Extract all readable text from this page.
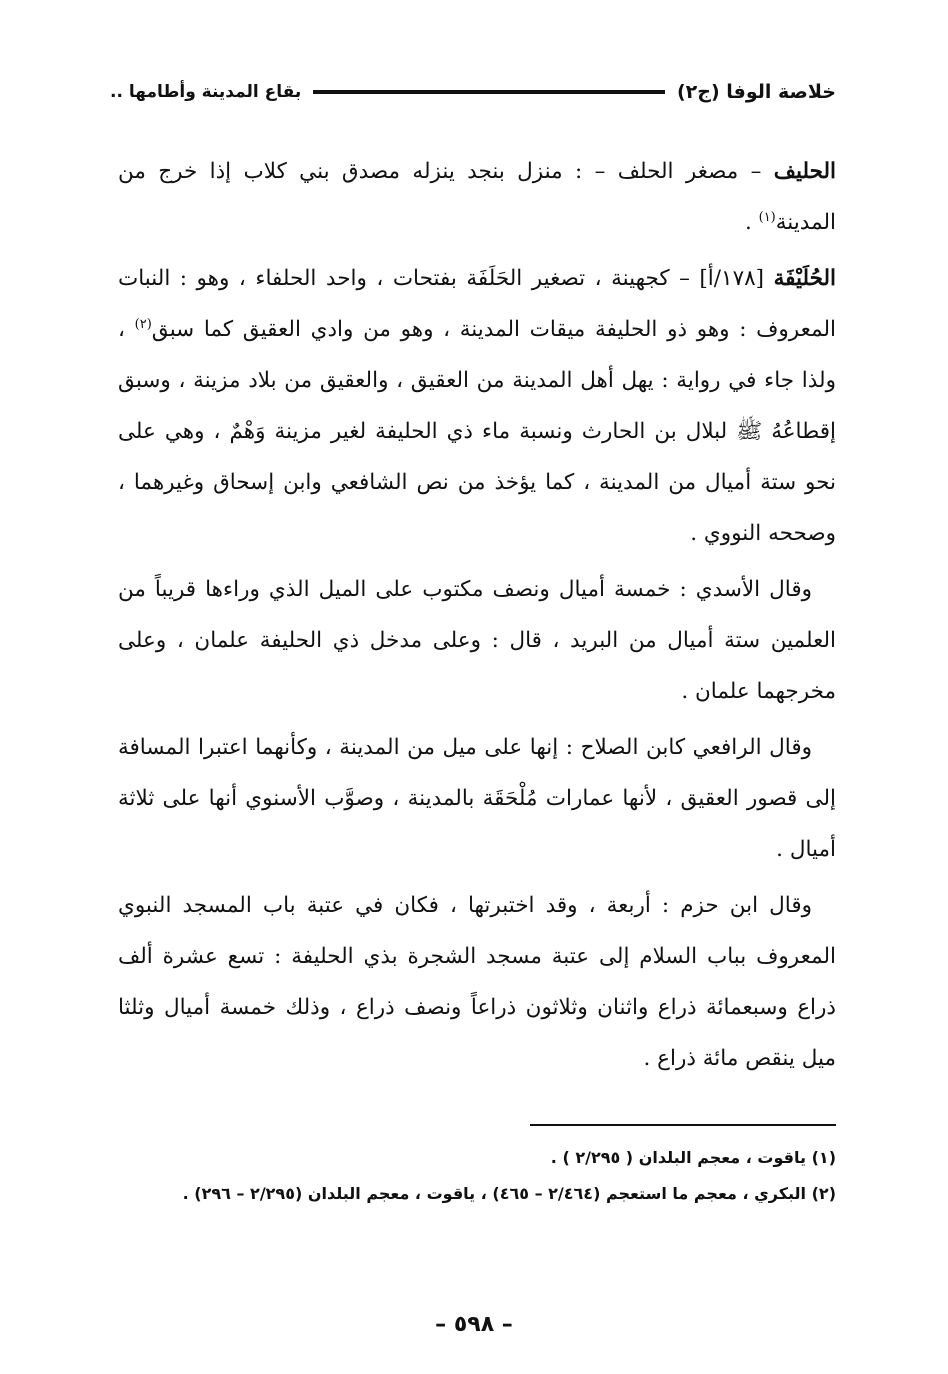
خلاصة الوفا (ج٢)
بقاع المدينة وأطامها ..

الحليف – مصغر الحلف – : منزل بنجد ينزله مصدق بني كلاب إذا خرج من المدينة$^{(١)}$ .

الحُلَيْفَة [١٧٨/أ] – كجهينة ، تصغير الحَلَفَة بفتحات ، واحد الحلفاء ، وهو : النبات المعروف : وهو ذو الحليفة ميقات المدينة ، وهو من وادي العقيق كما سبق$^{(٢)}$ ، ولذا جاء في رواية : يهل أهل المدينة من العقيق ، والعقيق من بلاد مزينة ، وسبق إقطاعُهُ ﷺ لبلال بن الحارث ونسبة ماء ذي الحليفة لغير مزينة وَهْمٌ ، وهي على نحو ستة أميال من المدينة ، كما يؤخذ من نص الشافعي وابن إسحاق وغيرهما ، وصححه النووي .

وقال الأسدي : خمسة أميال ونصف مكتوب على الميل الذي وراءها قريباً من العلمين ستة أميال من البريد ، قال : وعلى مدخل ذي الحليفة علمان ، وعلى مخرجهما علمان .

وقال الرافعي كابن الصلاح : إنها على ميل من المدينة ، وكأنهما اعتبرا المسافة إلى قصور العقيق ، لأنها عمارات مُلْحَقَة بالمدينة ، وصوَّب الأسنوي أنها على ثلاثة أميال .

وقال ابن حزم : أربعة ، وقد اختبرتها ، فكان في عتبة باب المسجد النبوي المعروف بباب السلام إلى عتبة مسجد الشجرة بذي الحليفة : تسع عشرة ألف ذراع وسبعمائة ذراع واثنان وثلاثون ذراعاً ونصف ذراع ، وذلك خمسة أميال وثلثا ميل ينقص مائة ذراع .

(١) ياقوت ، معجم البلدان ( ٢/٢٩٥ ) .

(٢) البكري ، معجم ما استعجم (٢/٤٦٤ – ٤٦٥) ، ياقوت ، معجم البلدان (٢/٢٩٥ – ٢٩٦) .

– ٥٩٨ –
